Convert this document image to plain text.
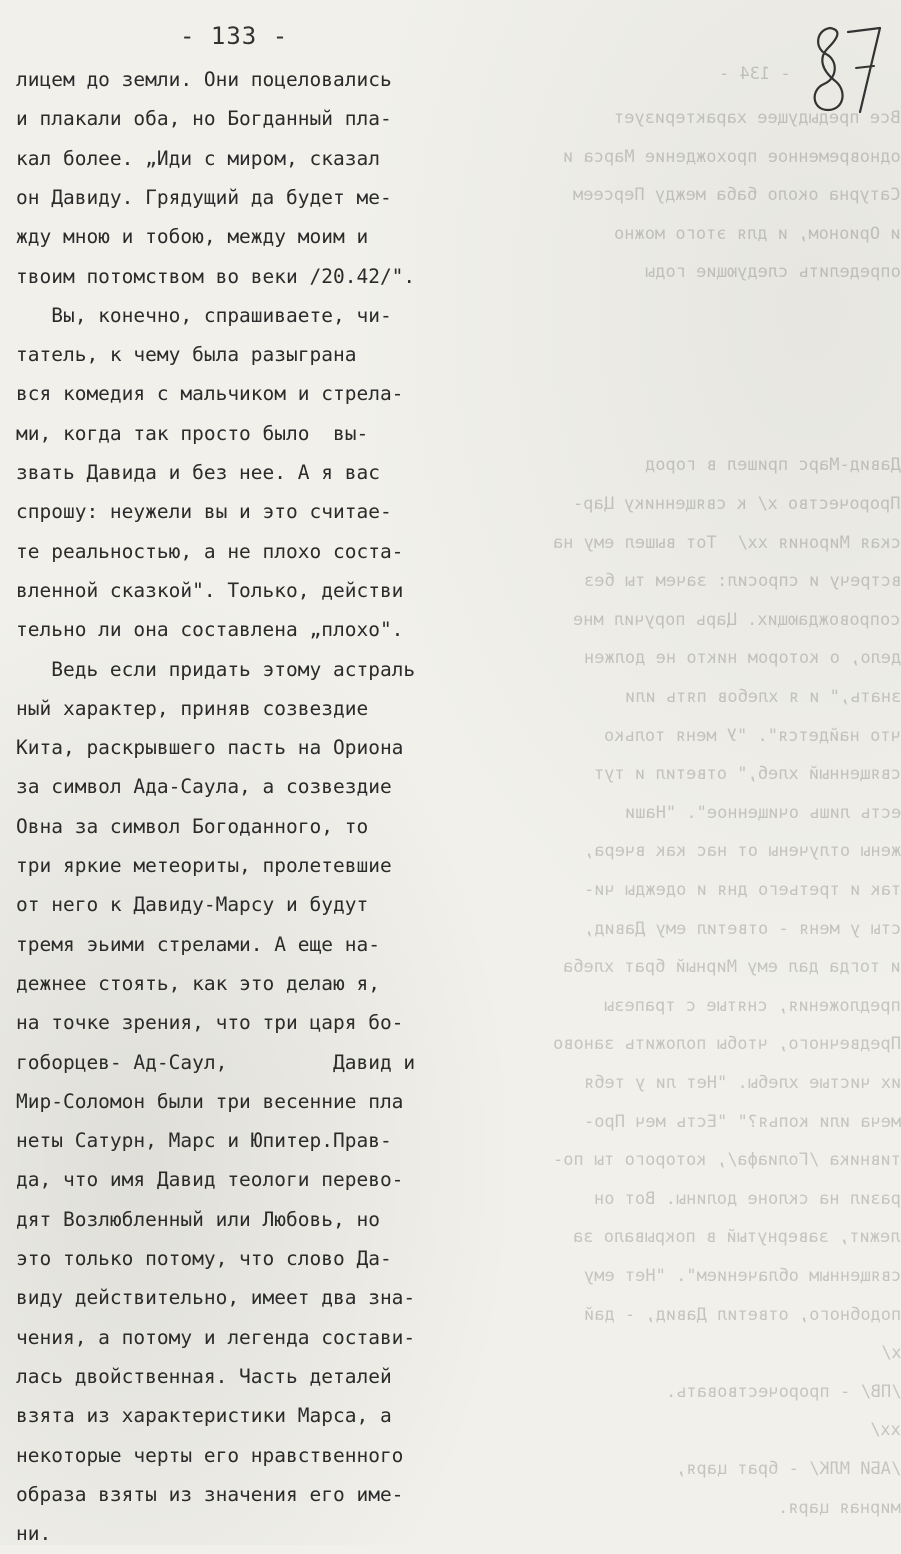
- 134 -
Все предыдущее характеризует
одновременное прохождение Марса и
Сатурна около баба между Персеем
и Орионом, и для этого можно
определить следующие годы
Давид-Марс пришел в город
Пророчество x/ к священнику Цар-
ская Мирония xx/  Тот вышел ему на
встречу и спросил: зачем ты без
сопровождающих. Царь поручил мне
дело, о котором никто не должен
знать," и я хлебов пять или
что найдется". "У меня только
священный хлеб," ответил и тут
есть лишь очищенное". "Наши
жены отлучены от нас как вчера,
так и третьего дня и одежды чи-
сты у меня - ответил ему Давид,
и тогда дал ему Мирный брат хлеба
предложения, снятые с трапезы
Предвечного, чтобы положить заново
их чистые хлебы. "Нет ли у тебя
меча или копья?" "Есть меч Про-
тивника /Голиафа/, которого ты по-
разил на склоне долины. Вот он
лежит, завернутый в покрывало за
священным облачением". "Нет ему
подобного, ответил Давид, - дай
x/
/ПВ/ - пророчествовать.
xx/
/АБИ МЛК/ - брат царя,
мирная царя.
- 133 -
лицем до земли. Они поцеловались
и плакали оба, но Богданный пла-
кал более. „Иди с миром, сказал
он Давиду. Грядущий да будет ме-
жду мною и тобою, между моим и
твоим потомством во веки /20.42/".
Вы, конечно, спрашиваете, чи-
татель, к чему была разыграна
вся комедия с мальчиком и стрела-
ми, когда так просто было  вы-
звать Давида и без нее. А я вас
спрошу: неужели вы и это считае-
те реальностью, а не плохо соста-
вленной сказкой". Только, действи
тельно ли она составлена „плохо".
Ведь если придать этому астраль
ный характер, приняв созвездие
Кита, раскрывшего пасть на Ориона
за символ Ада-Саула, а созвездие
Овна за символ Богоданного, то
три яркие метеориты, пролетевшие
от него к Давиду-Марсу и будут
тремя эьими стрелами. А еще на-
дежнее стоять, как это делаю я,
на точке зрения, что три царя бо-
гоборцев- Ад-Саул,         Давид и
Мир-Соломон были три весенние пла
неты Сатурн, Марс и Юпитер.Прав-
да, что имя Давид теологи перево-
дят Возлюбленный или Любовь, но
это только потому, что слово Да-
виду действительно, имеет два зна-
чения, а потому и легенда состави-
лась двойственная. Часть деталей
взята из характеристики Марса, а
некоторые черты его нравственного
образа взяты из значения его име-
ни.
